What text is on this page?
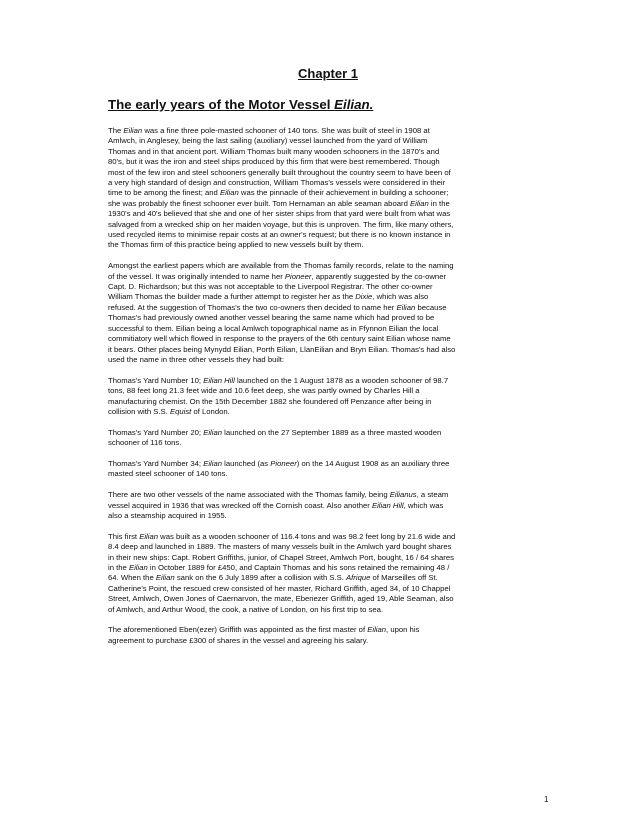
Chapter 1
The early years of the Motor Vessel Eilian.

The Eilian was a fine three pole-masted schooner of 140 tons. She was built of steel in 1908 at
Amlwch, in Anglesey, being the last sailing (auxiliary) vessel launched from the yard of William
Thomas and in that ancient port. William Thomas built many wooden schooners in the 1870's and
80's, but it was the iron and steel ships produced by this firm that were best remembered. Though
most of the few iron and steel schooners generally built throughout the country seem to have been of
a very high standard of design and construction, William Thomas's vessels were considered in their
time to be among the finest; and Eilian was the pinnacle of their achievement in building a schooner;
she was probably the finest schooner ever built. Tom Hernaman an able seaman aboard Eilian in the
1930's and 40's believed that she and one of her sister ships from that yard were built from what was
salvaged from a wrecked ship on her maiden voyage, but this is unproven. The firm, like many others,
used recycled items to minimise repair costs at an owner's request; but there is no known instance in
the Thomas firm of this practice being applied to new vessels built by them.

Amongst the earliest papers which are available from the Thomas family records, relate to the naming
of the vessel. It was originally intended to name her Pioneer, apparently suggested by the co-owner
Capt. D. Richardson; but this was not acceptable to the Liverpool Registrar. The other co-owner
William Thomas the builder made a further attempt to register her as the Dixie, which was also
refused. At the suggestion of Thomas's the two co-owners then decided to name her Eilian because
Thomas's had previously owned another vessel bearing the same name which had proved to be
successful to them. Eilian being a local Amlwch topographical name as in Ffynnon Eilian the local
commitiatory well which flowed in response to the prayers of the 6th century saint Eilian whose name
it bears. Other places being Mynydd Eilian, Porth Eilian, LlanEilian and Bryn Eilian. Thomas's had also
used the name in three other vessels they had built:

Thomas's Yard Number 10; Eilian Hill launched on the 1 August 1878 as a wooden schooner of 98.7
tons, 88 feet long 21.3 feet wide and 10.6 feet deep, she was partly owned by Charles Hill a
manufacturing chemist. On the 15th December 1882 she foundered off Penzance after being in
collision with S.S. Equist of London.

Thomas's Yard Number 20; Eilian launched on the 27 September 1889 as a three masted wooden
schooner of 116 tons.

Thomas's Yard Number 34; Eilian launched (as Pioneer) on the 14 August 1908 as an auxiliary three
masted steel schooner of 140 tons.

There are two other vessels of the name associated with the Thomas family, being Eilianus, a steam
vessel acquired in 1936 that was wrecked off the Cornish coast. Also another Eilian Hill, which was
also a steamship acquired in 1955.

This first Eilian was built as a wooden schooner of 116.4 tons and was 98.2 feet long by 21.6 wide and
8.4 deep and launched in 1889. The masters of many vessels built in the Amlwch yard bought shares
in their new ships: Capt. Robert Griffiths, junior, of Chapel Street, Amlwch Port, bought, 16 / 64 shares
in the Eilian in October 1889 for £450, and Captain Thomas and his sons retained the remaining 48 /
64. When the Eilian sank on the 6 July 1899 after a collision with S.S. Afrique of Marseilles off St.
Catherine's Point, the rescued crew consisted of her master, Richard Griffith, aged 34, of 10 Chappel
Street, Amlwch, Owen Jones of Caernarvon, the mate, Ebenezer Griffith, aged 19, Able Seaman, also
of Amlwch, and Arthur Wood, the cook, a native of London, on his first trip to sea.

The aforementioned Eben(ezer) Griffith was appointed as the first master of Eilian, upon his
agreement to purchase £300 of shares in the vessel and agreeing his salary.

1
